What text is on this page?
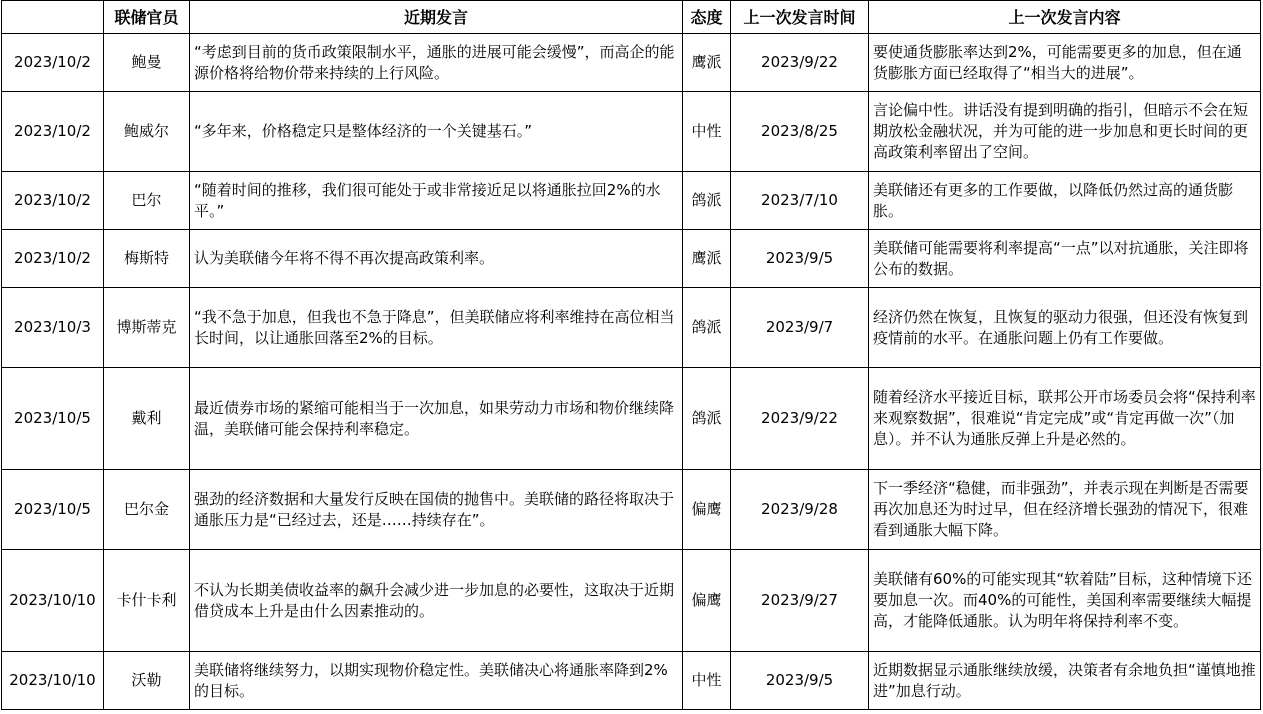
	联储官员	近期发言	态度	上一次发言时间	上一次发言内容
2023/10/2	鲍曼	“考虑到目前的货币政策限制水平，通胀的进展可能会缓慢”，而高企的能源价格将给物价带来持续的上行风险。	鹰派	2023/9/22	要使通货膨胀率达到2%，可能需要更多的加息，但在通货膨胀方面已经取得了“相当大的进展”。
2023/10/2	鲍威尔	“多年来，价格稳定只是整体经济的一个关键基石。”	中性	2023/8/25	言论偏中性。讲话没有提到明确的指引，但暗示不会在短期放松金融状况，并为可能的进一步加息和更长时间的更高政策利率留出了空间。
2023/10/2	巴尔	“随着时间的推移，我们很可能处于或非常接近足以将通胀拉回2%的水平。”	鸽派	2023/7/10	美联储还有更多的工作要做，以降低仍然过高的通货膨胀。
2023/10/2	梅斯特	认为美联储今年将不得不再次提高政策利率。	鹰派	2023/9/5	美联储可能需要将利率提高“一点”以对抗通胀，关注即将公布的数据。
2023/10/3	博斯蒂克	“我不急于加息，但我也不急于降息”，但美联储应将利率维持在高位相当长时间，以让通胀回落至2%的目标。	鸽派	2023/9/7	经济仍然在恢复，且恢复的驱动力很强，但还没有恢复到疫情前的水平。在通胀问题上仍有工作要做。
2023/10/5	戴利	最近债券市场的紧缩可能相当于一次加息，如果劳动力市场和物价继续降温，美联储可能会保持利率稳定。	鸽派	2023/9/22	随着经济水平接近目标，联邦公开市场委员会将“保持利率来观察数据”，很难说“肯定完成”或“肯定再做一次”（加息）。并不认为通胀反弹上升是必然的。
2023/10/5	巴尔金	强劲的经济数据和大量发行反映在国债的抛售中。美联储的路径将取决于通胀压力是“已经过去，还是……持续存在”。	偏鹰	2023/9/28	下一季经济“稳健，而非强劲”，并表示现在判断是否需要再次加息还为时过早，但在经济增长强劲的情况下，很难看到通胀大幅下降。
2023/10/10	卡什卡利	不认为长期美债收益率的飙升会减少进一步加息的必要性，这取决于近期借贷成本上升是由什么因素推动的。	偏鹰	2023/9/27	美联储有60%的可能实现其“软着陆”目标，这种情境下还要加息一次。而40%的可能性，美国利率需要继续大幅提高，才能降低通胀。认为明年将保持利率不变。
2023/10/10	沃勒	美联储将继续努力，以期实现物价稳定性。美联储决心将通胀率降到2%的目标。	中性	2023/9/5	近期数据显示通胀继续放缓，决策者有余地负担“谨慎地推进”加息行动。
